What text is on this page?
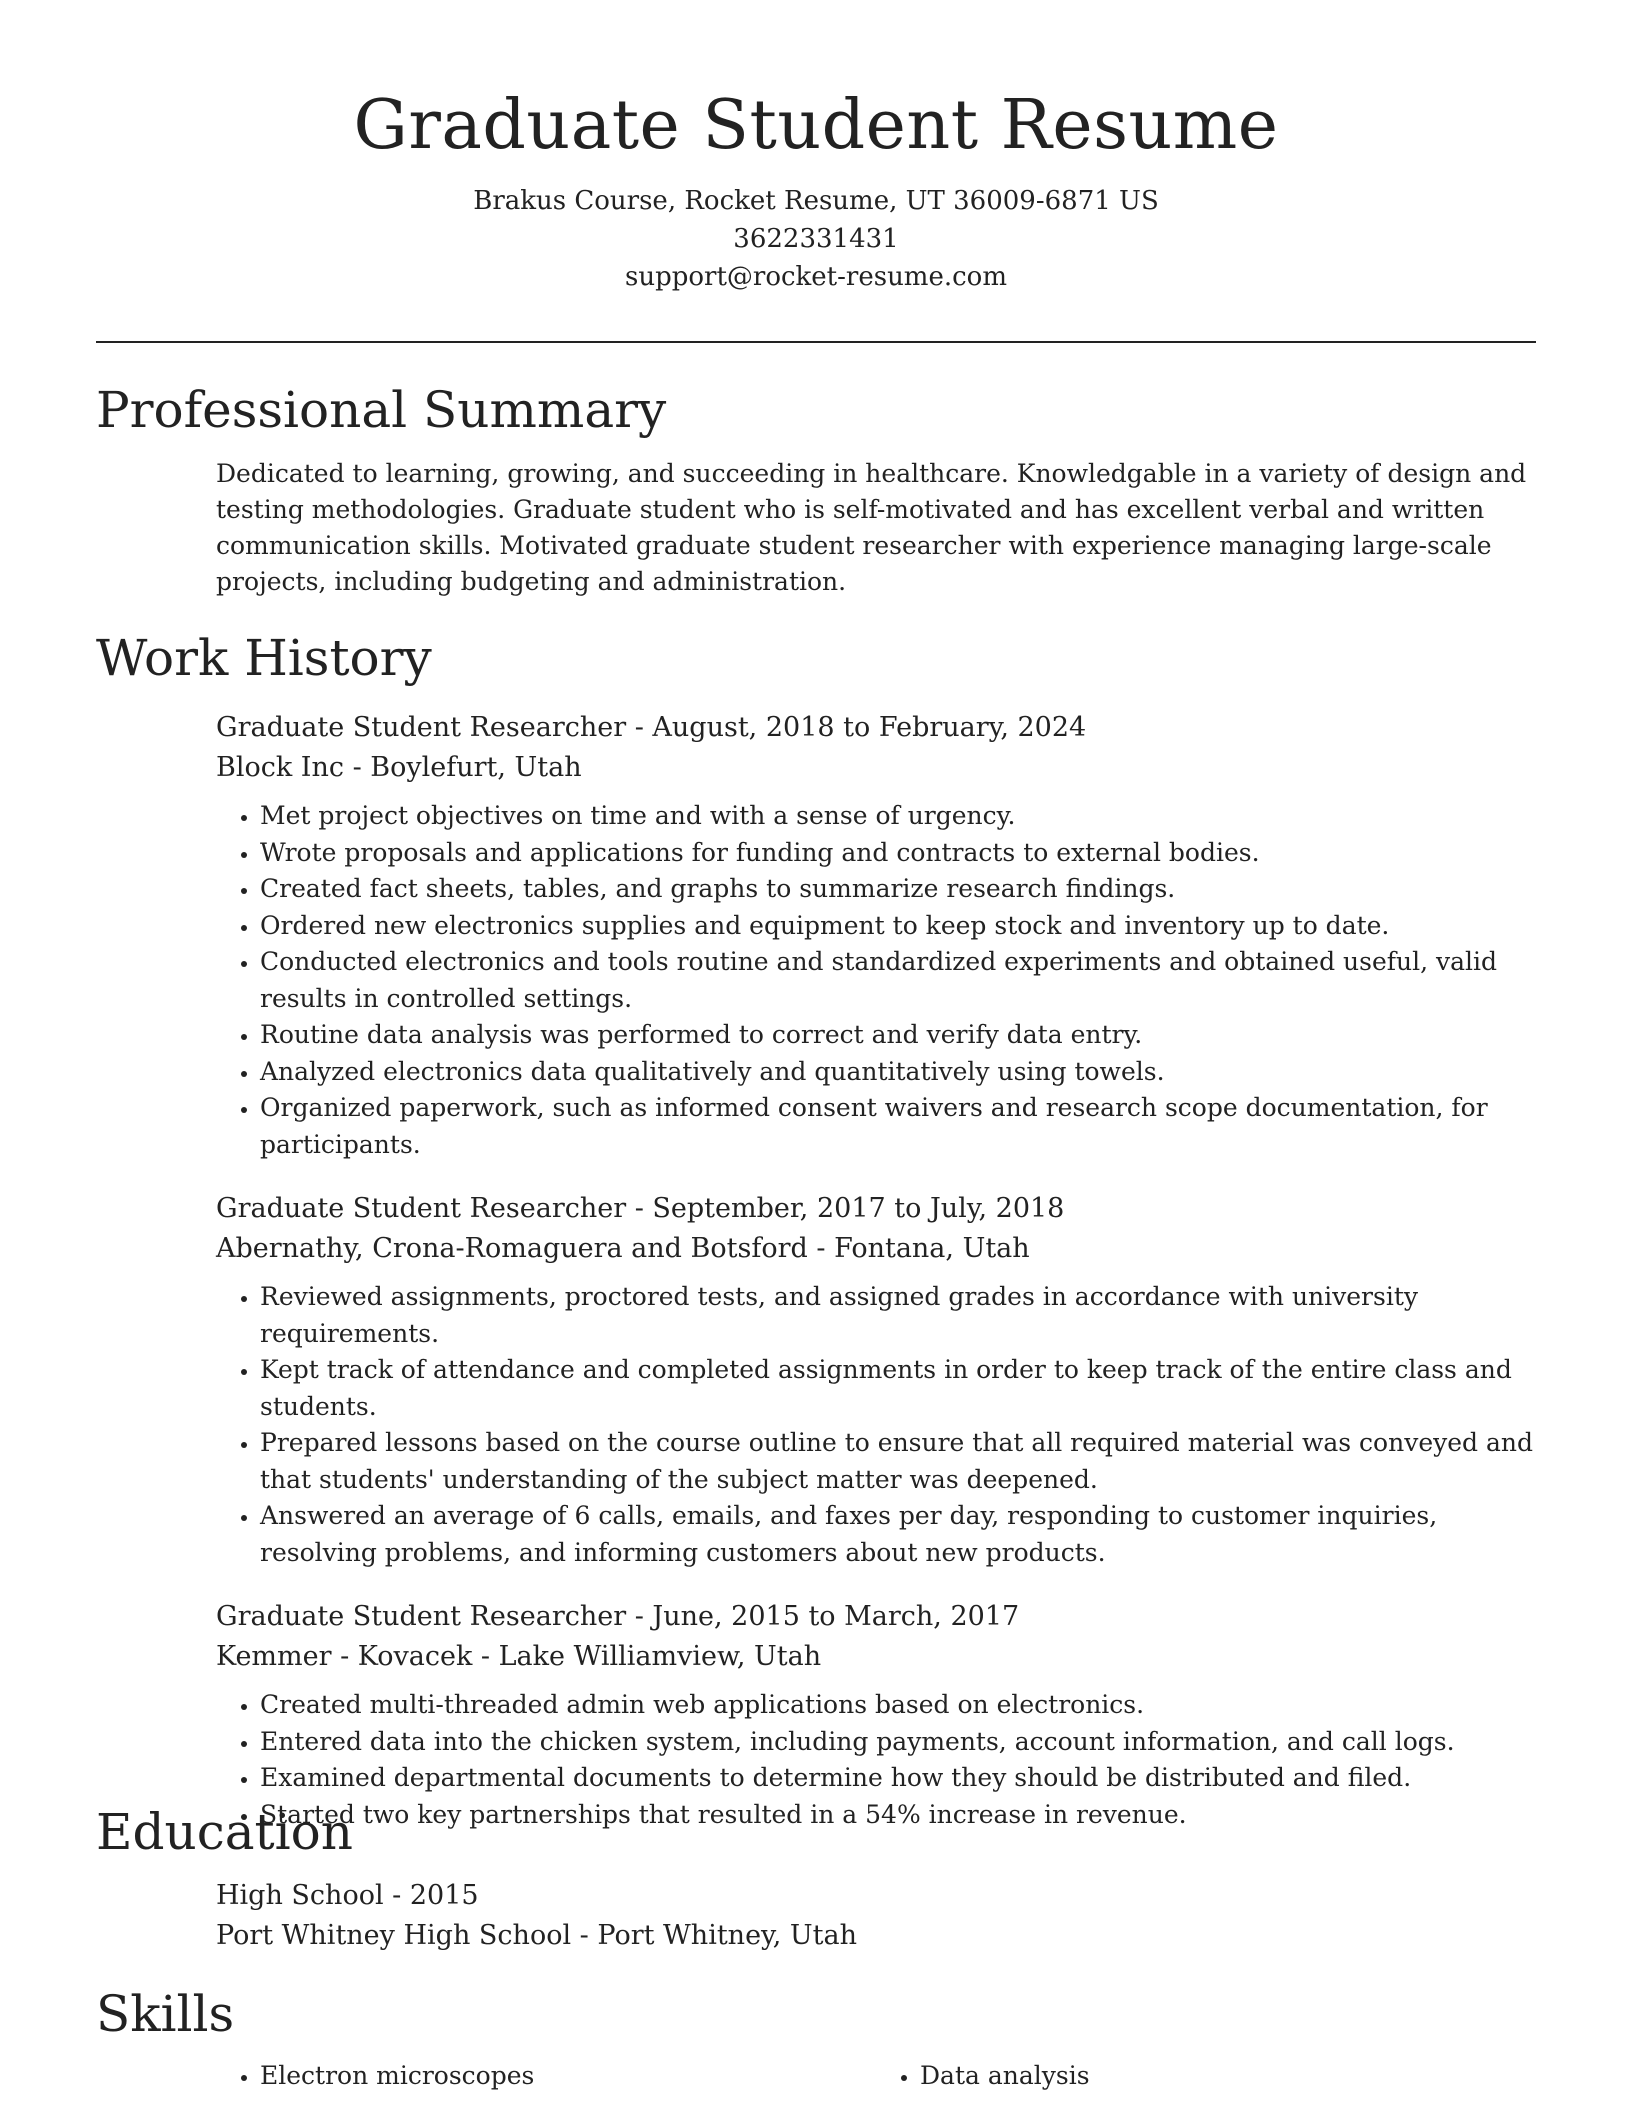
Graduate Student Resume
Brakus Course, Rocket Resume, UT 36009-6871 US
3622331431
support@rocket-resume.com
Professional Summary
Dedicated to learning, growing, and succeeding in healthcare. Knowledgable in a variety of design and testing methodologies. Graduate student who is self-motivated and has excellent verbal and written communication skills. Motivated graduate student researcher with experience managing large-scale projects, including budgeting and administration.
Work History
Graduate Student Researcher - August, 2018 to February, 2024
Block Inc - Boylefurt, Utah
• Met project objectives on time and with a sense of urgency.
• Wrote proposals and applications for funding and contracts to external bodies.
• Created fact sheets, tables, and graphs to summarize research findings.
• Ordered new electronics supplies and equipment to keep stock and inventory up to date.
• Conducted electronics and tools routine and standardized experiments and obtained useful, valid results in controlled settings.
• Routine data analysis was performed to correct and verify data entry.
• Analyzed electronics data qualitatively and quantitatively using towels.
• Organized paperwork, such as informed consent waivers and research scope documentation, for participants.
Graduate Student Researcher - September, 2017 to July, 2018
Abernathy, Crona-Romaguera and Botsford - Fontana, Utah
• Reviewed assignments, proctored tests, and assigned grades in accordance with university requirements.
• Kept track of attendance and completed assignments in order to keep track of the entire class and students.
• Prepared lessons based on the course outline to ensure that all required material was conveyed and that students' understanding of the subject matter was deepened.
• Answered an average of 6 calls, emails, and faxes per day, responding to customer inquiries, resolving problems, and informing customers about new products.
Graduate Student Researcher - June, 2015 to March, 2017
Kemmer - Kovacek - Lake Williamview, Utah
• Created multi-threaded admin web applications based on electronics.
• Entered data into the chicken system, including payments, account information, and call logs.
• Examined departmental documents to determine how they should be distributed and filed.
• Started two key partnerships that resulted in a 54% increase in revenue.
Education
High School - 2015
Port Whitney High School - Port Whitney, Utah
Skills
• Electron microscopes
•	Data analysis
